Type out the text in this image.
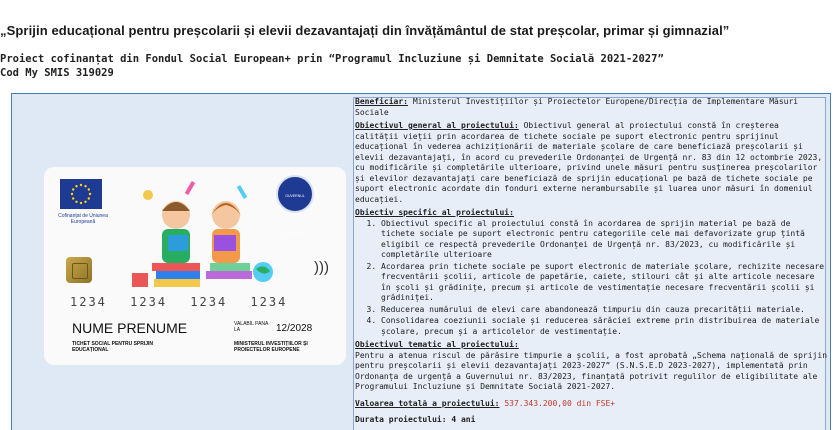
„Sprijin educațional pentru preșcolarii și elevii dezavantajați din învățământul de stat preșcolar, primar și gimnazial”
Proiect cofinanțat din Fondul Social European+ prin “Programul Incluziune și Demnitate Socială 2021-2027”
Cod My SMIS 319029
Cofinanțat de Uniunea Europeană
GUVERNUL ROMÂNIEI
)))
1234 1234 1234 1234
NUME PRENUME	VALABIL PANA LA	12/2028
TICHET SOCIAL PENTRU SPRIJIN EDUCAȚIONAL
MINISTERUL INVESTIȚIILOR ȘI PROIECTELOR EUROPENE
Beneficiar: Ministerul Investițiilor și Proiectelor Europene/Direcția de Implementare Măsuri Sociale
Obiectivul general al proiectului: Obiectivul general al proiectului constă în creșterea calității vieții prin acordarea de tichete sociale pe suport electronic pentru sprijinul educațional în vederea achiziționării de materiale școlare de care beneficiază preșcolarii și elevii dezavantajați, în acord cu prevederile Ordonanței de Urgență nr. 83 din 12 octombrie 2023, cu modificările și completările ulterioare, privind unele măsuri pentru susținerea preșcolarilor și elevilor dezavantajați care beneficiază de sprijin educațional pe bază de tichete sociale pe suport electronic acordate din fonduri externe nerambursabile și luarea unor măsuri în domeniul educației.
Obiectiv specific al proiectului:
1. Obiectivul specific al proiectului constă în acordarea de sprijin material pe bază de tichete sociale pe suport electronic pentru categoriile cele mai defavorizate grup țintă eligibil ce respectă prevederile Ordonanței de Urgență nr. 83/2023, cu modificările și completările ulterioare
2. Acordarea prin tichete sociale pe suport electronic de materiale școlare, rechizite necesare frecventării școlii, articole de papetărie, caiete, stilouri cât și alte articole necesare în școli și grădinițe, precum și articole de vestimentație necesare frecventării școlii și grădiniței.
3. Reducerea numărului de elevi care abandonează timpuriu din cauza precarității materiale.
4. Consolidarea coeziunii sociale și reducerea sărăciei extreme prin distribuirea de materiale școlare, precum și a articolelor de vestimentație.
Obiectivul tematic al proiectului:
Pentru a atenua riscul de părăsire timpurie a școlii, a fost aprobată „Schema națională de sprijin pentru preșcolarii și elevii dezavantajați 2023-2027” (S.N.S.E.D 2023-2027), implementată prin Ordonanța de urgență a Guvernului nr. 83/2023, finanțată potrivit regulilor de eligibilitate ale Programului Incluziune și Demnitate Socială 2021-2027.
Valoarea totală a proiectului: 537.343.200,00 din FSE+
Durata proiectului: 4 ani
